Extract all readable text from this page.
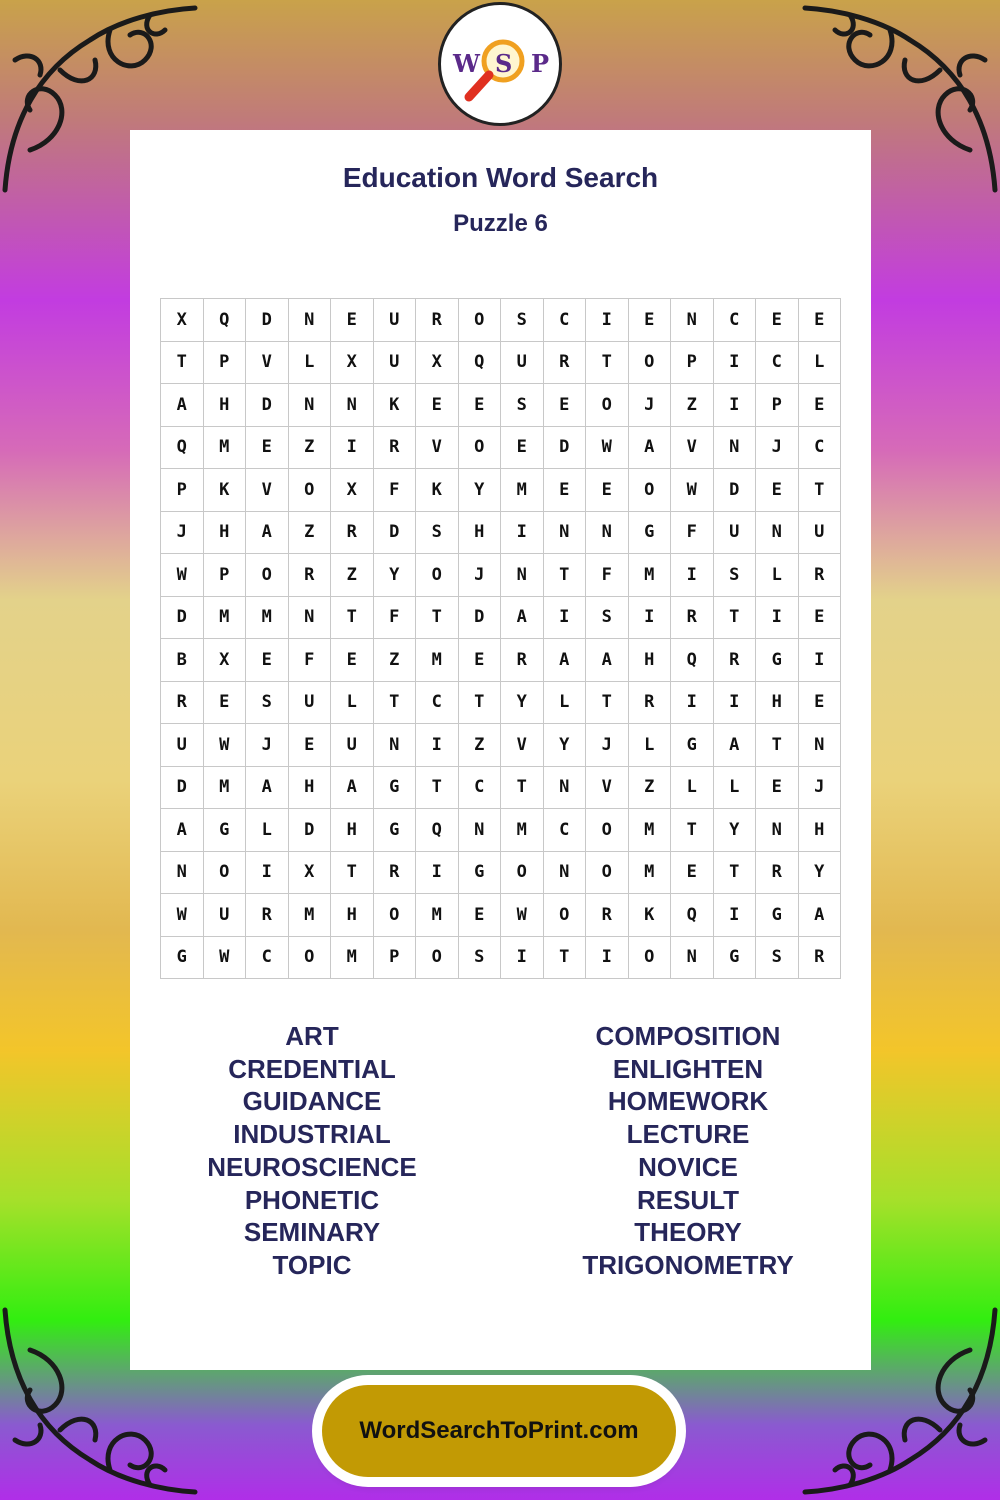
W S P
Education Word Search
Puzzle 6
X	Q	D	N	E	U	R	O	S	C	I	E	N	C	E	E
T	P	V	L	X	U	X	Q	U	R	T	O	P	I	C	L
A	H	D	N	N	K	E	E	S	E	O	J	Z	I	P	E
Q	M	E	Z	I	R	V	O	E	D	W	A	V	N	J	C
P	K	V	O	X	F	K	Y	M	E	E	O	W	D	E	T
J	H	A	Z	R	D	S	H	I	N	N	G	F	U	N	U
W	P	O	R	Z	Y	O	J	N	T	F	M	I	S	L	R
D	M	M	N	T	F	T	D	A	I	S	I	R	T	I	E
B	X	E	F	E	Z	M	E	R	A	A	H	Q	R	G	I
R	E	S	U	L	T	C	T	Y	L	T	R	I	I	H	E
U	W	J	E	U	N	I	Z	V	Y	J	L	G	A	T	N
D	M	A	H	A	G	T	C	T	N	V	Z	L	L	E	J
A	G	L	D	H	G	Q	N	M	C	O	M	T	Y	N	H
N	O	I	X	T	R	I	G	O	N	O	M	E	T	R	Y
W	U	R	M	H	O	M	E	W	O	R	K	Q	I	G	A
G	W	C	O	M	P	O	S	I	T	I	O	N	G	S	R
ART
CREDENTIAL
GUIDANCE
INDUSTRIAL
NEUROSCIENCE
PHONETIC
SEMINARY
TOPIC
COMPOSITION
ENLIGHTEN
HOMEWORK
LECTURE
NOVICE
RESULT
THEORY
TRIGONOMETRY
WordSearchToPrint.com
